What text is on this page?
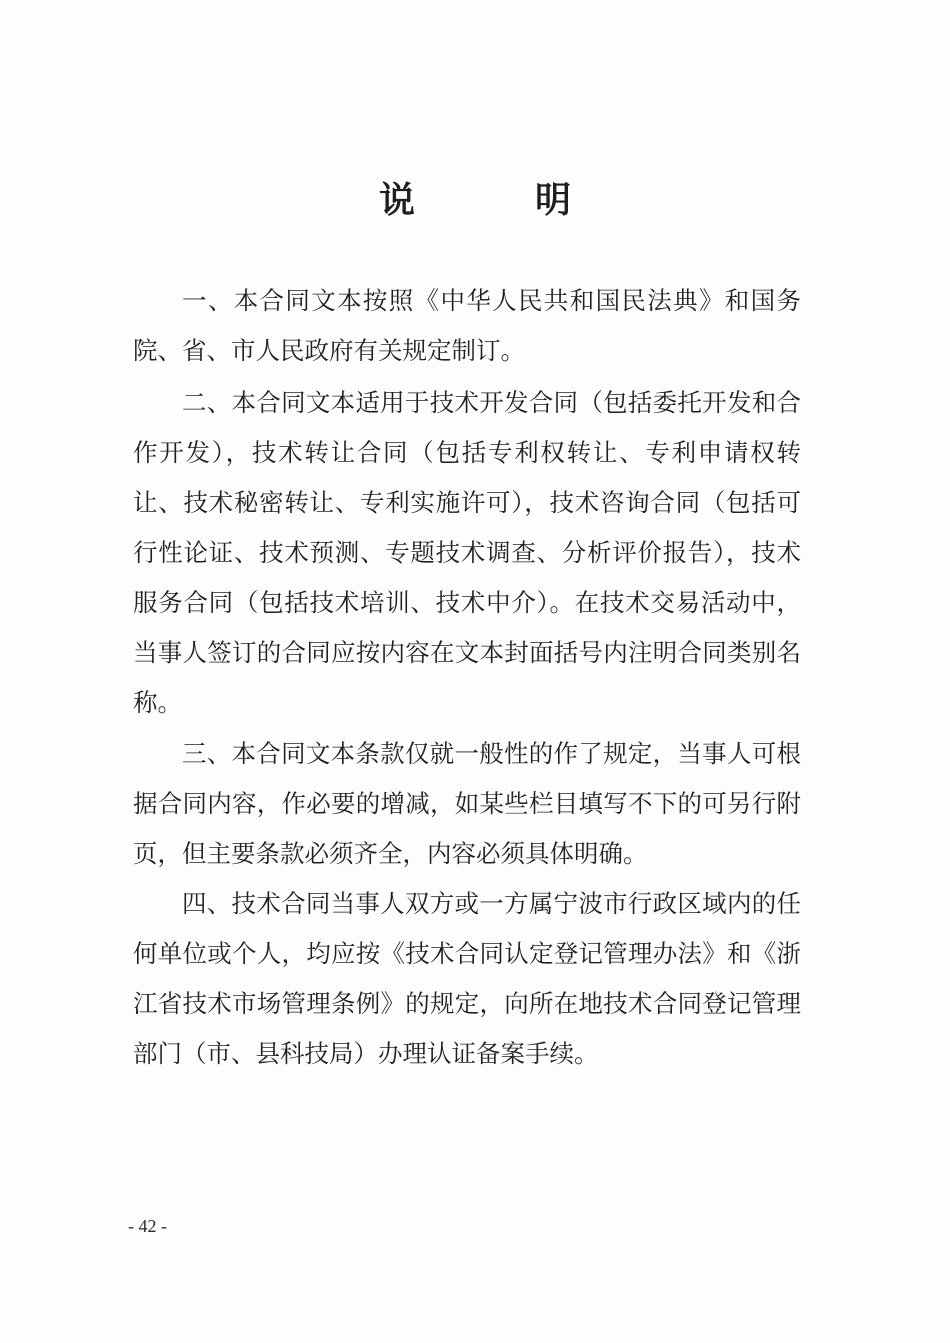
说	明

一、本合同文本按照《中华人民共和国民法典》和国务院、省、市人民政府有关规定制订。

二、本合同文本适用于技术开发合同（包括委托开发和合作开发），技术转让合同（包括专利权转让、专利申请权转让、技术秘密转让、专利实施许可），技术咨询合同（包括可行性论证、技术预测、专题技术调查、分析评价报告），技术服务合同（包括技术培训、技术中介）。在技术交易活动中，当事人签订的合同应按内容在文本封面括号内注明合同类别名称。

三、本合同文本条款仅就一般性的作了规定，当事人可根据合同内容，作必要的增减，如某些栏目填写不下的可另行附页，但主要条款必须齐全，内容必须具体明确。

四、技术合同当事人双方或一方属宁波市行政区域内的任何单位或个人，均应按《技术合同认定登记管理办法》和《浙江省技术市场管理条例》的规定，向所在地技术合同登记管理部门（市、县科技局）办理认证备案手续。

- 42 -
